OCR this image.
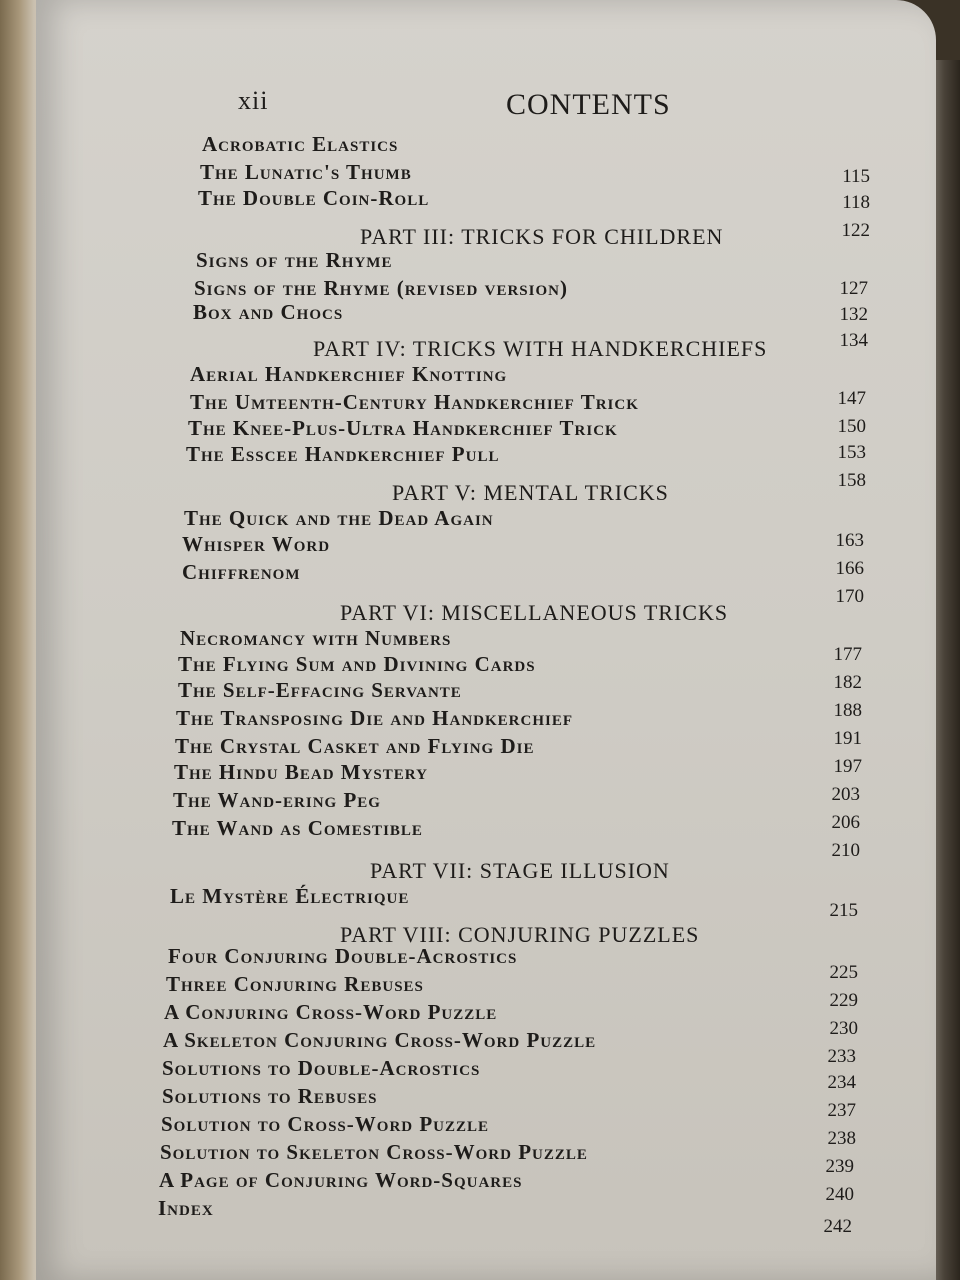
xii	CONTENTS
Acrobatic Elastics
The Lunatic's Thumb
The Double Coin-Roll
PART III: TRICKS FOR CHILDREN
Signs of the Rhyme
Signs of the Rhyme (revised version)
Box and Chocs
PART IV: TRICKS WITH HANDKERCHIEFS
Aerial Handkerchief Knotting
The Umteenth-Century Handkerchief Trick
The Knee-Plus-Ultra Handkerchief Trick
The Esscee Handkerchief Pull
PART V: MENTAL TRICKS
The Quick and the Dead Again
Whisper Word
Chiffrenom
PART VI: MISCELLANEOUS TRICKS
Necromancy with Numbers
The Flying Sum and Divining Cards
The Self-Effacing Servante
The Transposing Die and Handkerchief
The Crystal Casket and Flying Die
The Hindu Bead Mystery
The Wand-ering Peg
The Wand as Comestible
PART VII: STAGE ILLUSION
Le Mystère Électrique
PART VIII: CONJURING PUZZLES
Four Conjuring Double-Acrostics
Three Conjuring Rebuses
A Conjuring Cross-Word Puzzle
A Skeleton Conjuring Cross-Word Puzzle
Solutions to Double-Acrostics
Solutions to Rebuses
Solution to Cross-Word Puzzle
Solution to Skeleton Cross-Word Puzzle
A Page of Conjuring Word-Squares
Index
115
118
122
127
132
134
147
150
153
158
163
166
170
177
182
188
191
197
203
206
210
215
225
229
230
233
234
237
238
239
240
242
